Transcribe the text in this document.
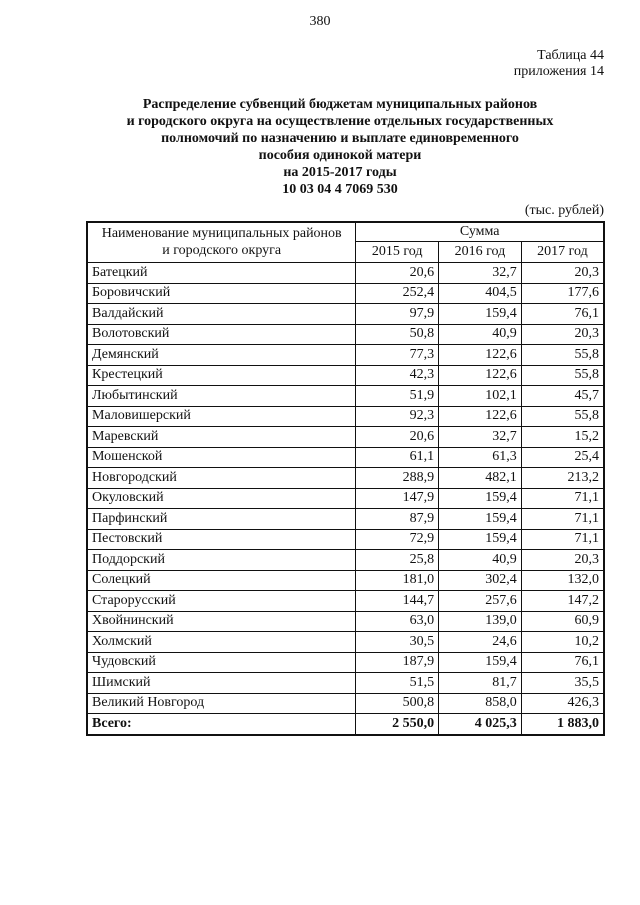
380
Таблица 44
приложения 14
Распределение субвенций бюджетам муниципальных районов
и городского округа на осуществление отдельных государственных
полномочий по назначению и выплате единовременного
пособия одинокой матери
на 2015-2017 годы
10 03 04 4 7069 530
(тыс. рублей)
Наименование муниципальных районов
и городского округа	Сумма		
	2015 год	2016 год	2017 год
Батецкий	20,6	32,7	20,3
Боровичский	252,4	404,5	177,6
Валдайский	97,9	159,4	76,1
Волотовский	50,8	40,9	20,3
Демянский	77,3	122,6	55,8
Крестецкий	42,3	122,6	55,8
Любытинский	51,9	102,1	45,7
Маловишерский	92,3	122,6	55,8
Маревский	20,6	32,7	15,2
Мошенской	61,1	61,3	25,4
Новгородский	288,9	482,1	213,2
Окуловский	147,9	159,4	71,1
Парфинский	87,9	159,4	71,1
Пестовский	72,9	159,4	71,1
Поддорский	25,8	40,9	20,3
Солецкий	181,0	302,4	132,0
Старорусский	144,7	257,6	147,2
Хвойнинский	63,0	139,0	60,9
Холмский	30,5	24,6	10,2
Чудовский	187,9	159,4	76,1
Шимский	51,5	81,7	35,5
Великий Новгород	500,8	858,0	426,3
Всего:	2 550,0	4 025,3	1 883,0
